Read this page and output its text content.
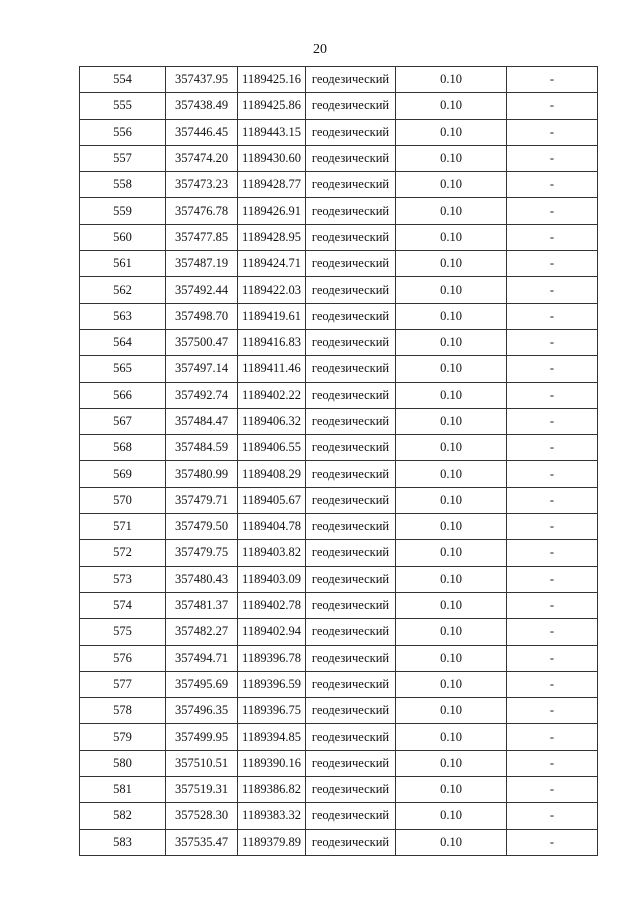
20
554	357437.95	1189425.16	геодезический	0.10	-
555	357438.49	1189425.86	геодезический	0.10	-
556	357446.45	1189443.15	геодезический	0.10	-
557	357474.20	1189430.60	геодезический	0.10	-
558	357473.23	1189428.77	геодезический	0.10	-
559	357476.78	1189426.91	геодезический	0.10	-
560	357477.85	1189428.95	геодезический	0.10	-
561	357487.19	1189424.71	геодезический	0.10	-
562	357492.44	1189422.03	геодезический	0.10	-
563	357498.70	1189419.61	геодезический	0.10	-
564	357500.47	1189416.83	геодезический	0.10	-
565	357497.14	1189411.46	геодезический	0.10	-
566	357492.74	1189402.22	геодезический	0.10	-
567	357484.47	1189406.32	геодезический	0.10	-
568	357484.59	1189406.55	геодезический	0.10	-
569	357480.99	1189408.29	геодезический	0.10	-
570	357479.71	1189405.67	геодезический	0.10	-
571	357479.50	1189404.78	геодезический	0.10	-
572	357479.75	1189403.82	геодезический	0.10	-
573	357480.43	1189403.09	геодезический	0.10	-
574	357481.37	1189402.78	геодезический	0.10	-
575	357482.27	1189402.94	геодезический	0.10	-
576	357494.71	1189396.78	геодезический	0.10	-
577	357495.69	1189396.59	геодезический	0.10	-
578	357496.35	1189396.75	геодезический	0.10	-
579	357499.95	1189394.85	геодезический	0.10	-
580	357510.51	1189390.16	геодезический	0.10	-
581	357519.31	1189386.82	геодезический	0.10	-
582	357528.30	1189383.32	геодезический	0.10	-
583	357535.47	1189379.89	геодезический	0.10	-
